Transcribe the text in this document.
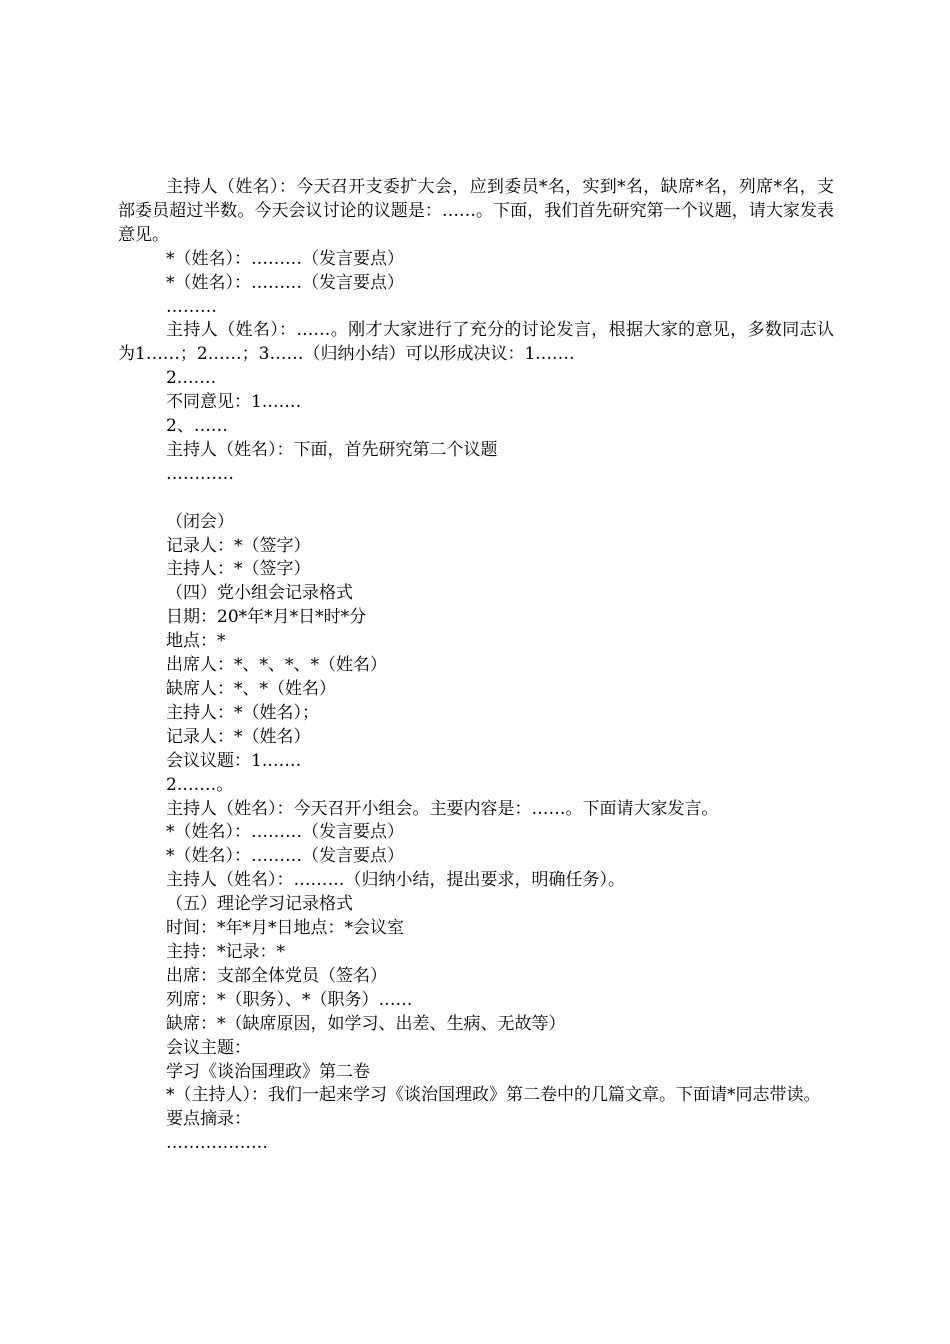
主持人（姓名）：今天召开支委扩大会，应到委员*名，实到*名，缺席*名，列席*名，支部委员超过半数。今天会议讨论的议题是：……。下面，我们首先研究第一个议题，请大家发表意见。

*（姓名）：………（发言要点）

*（姓名）：………（发言要点）

………

主持人（姓名）：……。刚才大家进行了充分的讨论发言，根据大家的意见，多数同志认为1……；2……；3……（归纳小结）可以形成决议：1.……

2.……

不同意见：1.……

2、……

主持人（姓名）：下面，首先研究第二个议题

…………

（闭会）

记录人：*（签字）

主持人：*（签字）

（四）党小组会记录格式

日期：20*年*月*日*时*分

地点：*

出席人：*、*、*、*（姓名）

缺席人：*、*（姓名）

主持人：*（姓名）；

记录人：*（姓名）

会议议题：1.……

2.……。

主持人（姓名）：今天召开小组会。主要内容是：……。下面请大家发言。

*（姓名）：………（发言要点）

*（姓名）：………（发言要点）

主持人（姓名）：………（归纳小结，提出要求，明确任务）。

（五）理论学习记录格式

时间：*年*月*日地点：*会议室

主持：*记录：*

出席：支部全体党员（签名）

列席：*（职务）、*（职务）……

缺席：*（缺席原因，如学习、出差、生病、无故等）

会议主题：

学习《谈治国理政》第二卷

*（主持人）：我们一起来学习《谈治国理政》第二卷中的几篇文章。下面请*同志带读。

要点摘录：

………………
